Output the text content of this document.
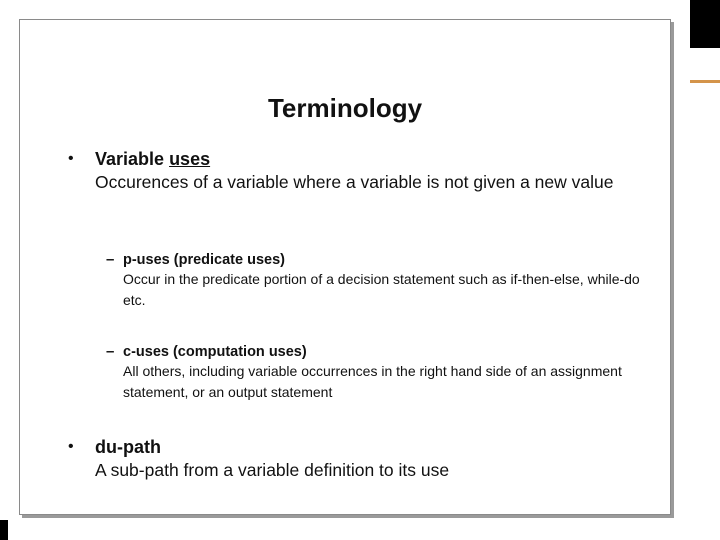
Terminology
• Variable uses
Occurences of a variable where a variable is not given a new value
– p-uses (predicate uses)
Occur in the predicate portion of a decision statement such as if-then-else, while-do etc.
– c-uses (computation uses)
All others, including variable occurrences in the right hand side of an assignment statement, or an output statement
• du-path
A sub-path from a variable definition to its use
